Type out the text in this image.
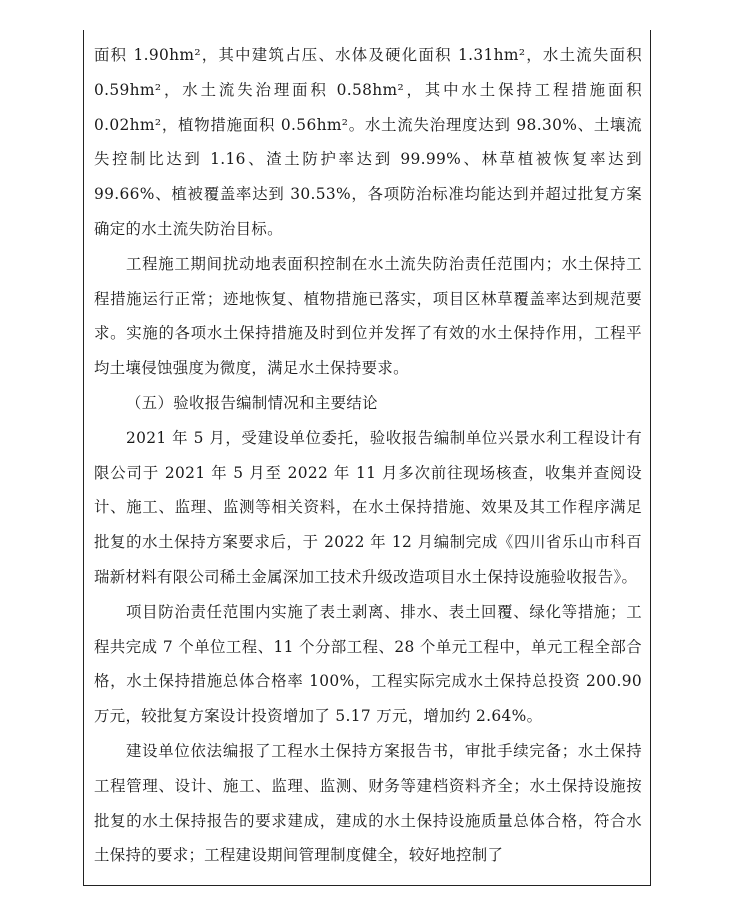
面积 1.90hm²，其中建筑占压、水体及硬化面积 1.31hm²，水土流失面积 0.59hm²，水土流失治理面积 0.58hm²，其中水土保持工程措施面积 0.02hm²，植物措施面积 0.56hm²。水土流失治理度达到 98.30%、土壤流失控制比达到 1.16、渣土防护率达到 99.99%、林草植被恢复率达到 99.66%、植被覆盖率达到 30.53%，各项防治标准均能达到并超过批复方案确定的水土流失防治目标。

工程施工期间扰动地表面积控制在水土流失防治责任范围内；水土保持工程措施运行正常；迹地恢复、植物措施已落实，项目区林草覆盖率达到规范要求。实施的各项水土保持措施及时到位并发挥了有效的水土保持作用，工程平均土壤侵蚀强度为微度，满足水土保持要求。

（五）验收报告编制情况和主要结论

2021 年 5 月，受建设单位委托，验收报告编制单位兴景水利工程设计有限公司于 2021 年 5 月至 2022 年 11 月多次前往现场核查，收集并查阅设计、施工、监理、监测等相关资料，在水土保持措施、效果及其工作程序满足批复的水土保持方案要求后，于 2022 年 12 月编制完成《四川省乐山市科百瑞新材料有限公司稀土金属深加工技术升级改造项目水土保持设施验收报告》。

项目防治责任范围内实施了表土剥离、排水、表土回覆、绿化等措施；工程共完成 7 个单位工程、11 个分部工程、28 个单元工程中，单元工程全部合格，水土保持措施总体合格率 100%，工程实际完成水土保持总投资 200.90 万元，较批复方案设计投资增加了 5.17 万元，增加约 2.64%。

建设单位依法编报了工程水土保持方案报告书，审批手续完备；水土保持工程管理、设计、施工、监理、监测、财务等建档资料齐全；水土保持设施按批复的水土保持报告的要求建成，建成的水土保持设施质量总体合格，符合水土保持的要求；工程建设期间管理制度健全，较好地控制了
